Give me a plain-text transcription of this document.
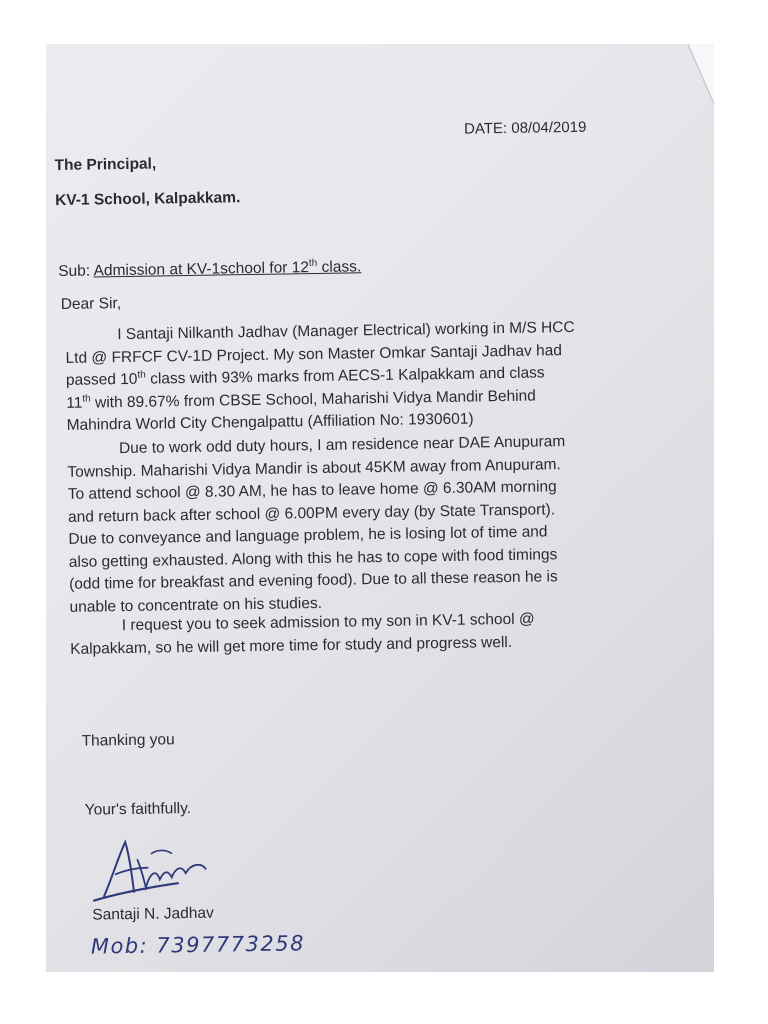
DATE: 08/04/2019
The Principal,
KV-1 School, Kalpakkam.
Sub: Admission at KV-1school for 12th class.
Dear Sir,

I Santaji Nilkanth Jadhav (Manager Electrical) working in M/S HCC

Ltd @ FRFCF CV-1D Project. My son Master Omkar Santaji Jadhav had

passed 10th class with 93% marks from AECS-1 Kalpakkam and class

11th with 89.67% from CBSE School, Maharishi Vidya Mandir Behind

Mahindra World City Chengalpattu (Affiliation No: 1930601)

Due to work odd duty hours, I am residence near DAE Anupuram

Township. Maharishi Vidya Mandir is about 45KM away from Anupuram.

To attend school @ 8.30 AM, he has to leave home @ 6.30AM morning

and return back after school @ 6.00PM every day (by State Transport).

Due to conveyance and language problem, he is losing lot of time and

also getting exhausted. Along with this he has to cope with food timings

(odd time for breakfast and evening food). Due to all these reason he is

unable to concentrate on his studies.

I request you to seek admission to my son in KV-1 school @

Kalpakkam, so he will get more time for study and progress well.

Thanking you
Your's faithfully.
Santaji N. Jadhav
Mob: 7397773258
